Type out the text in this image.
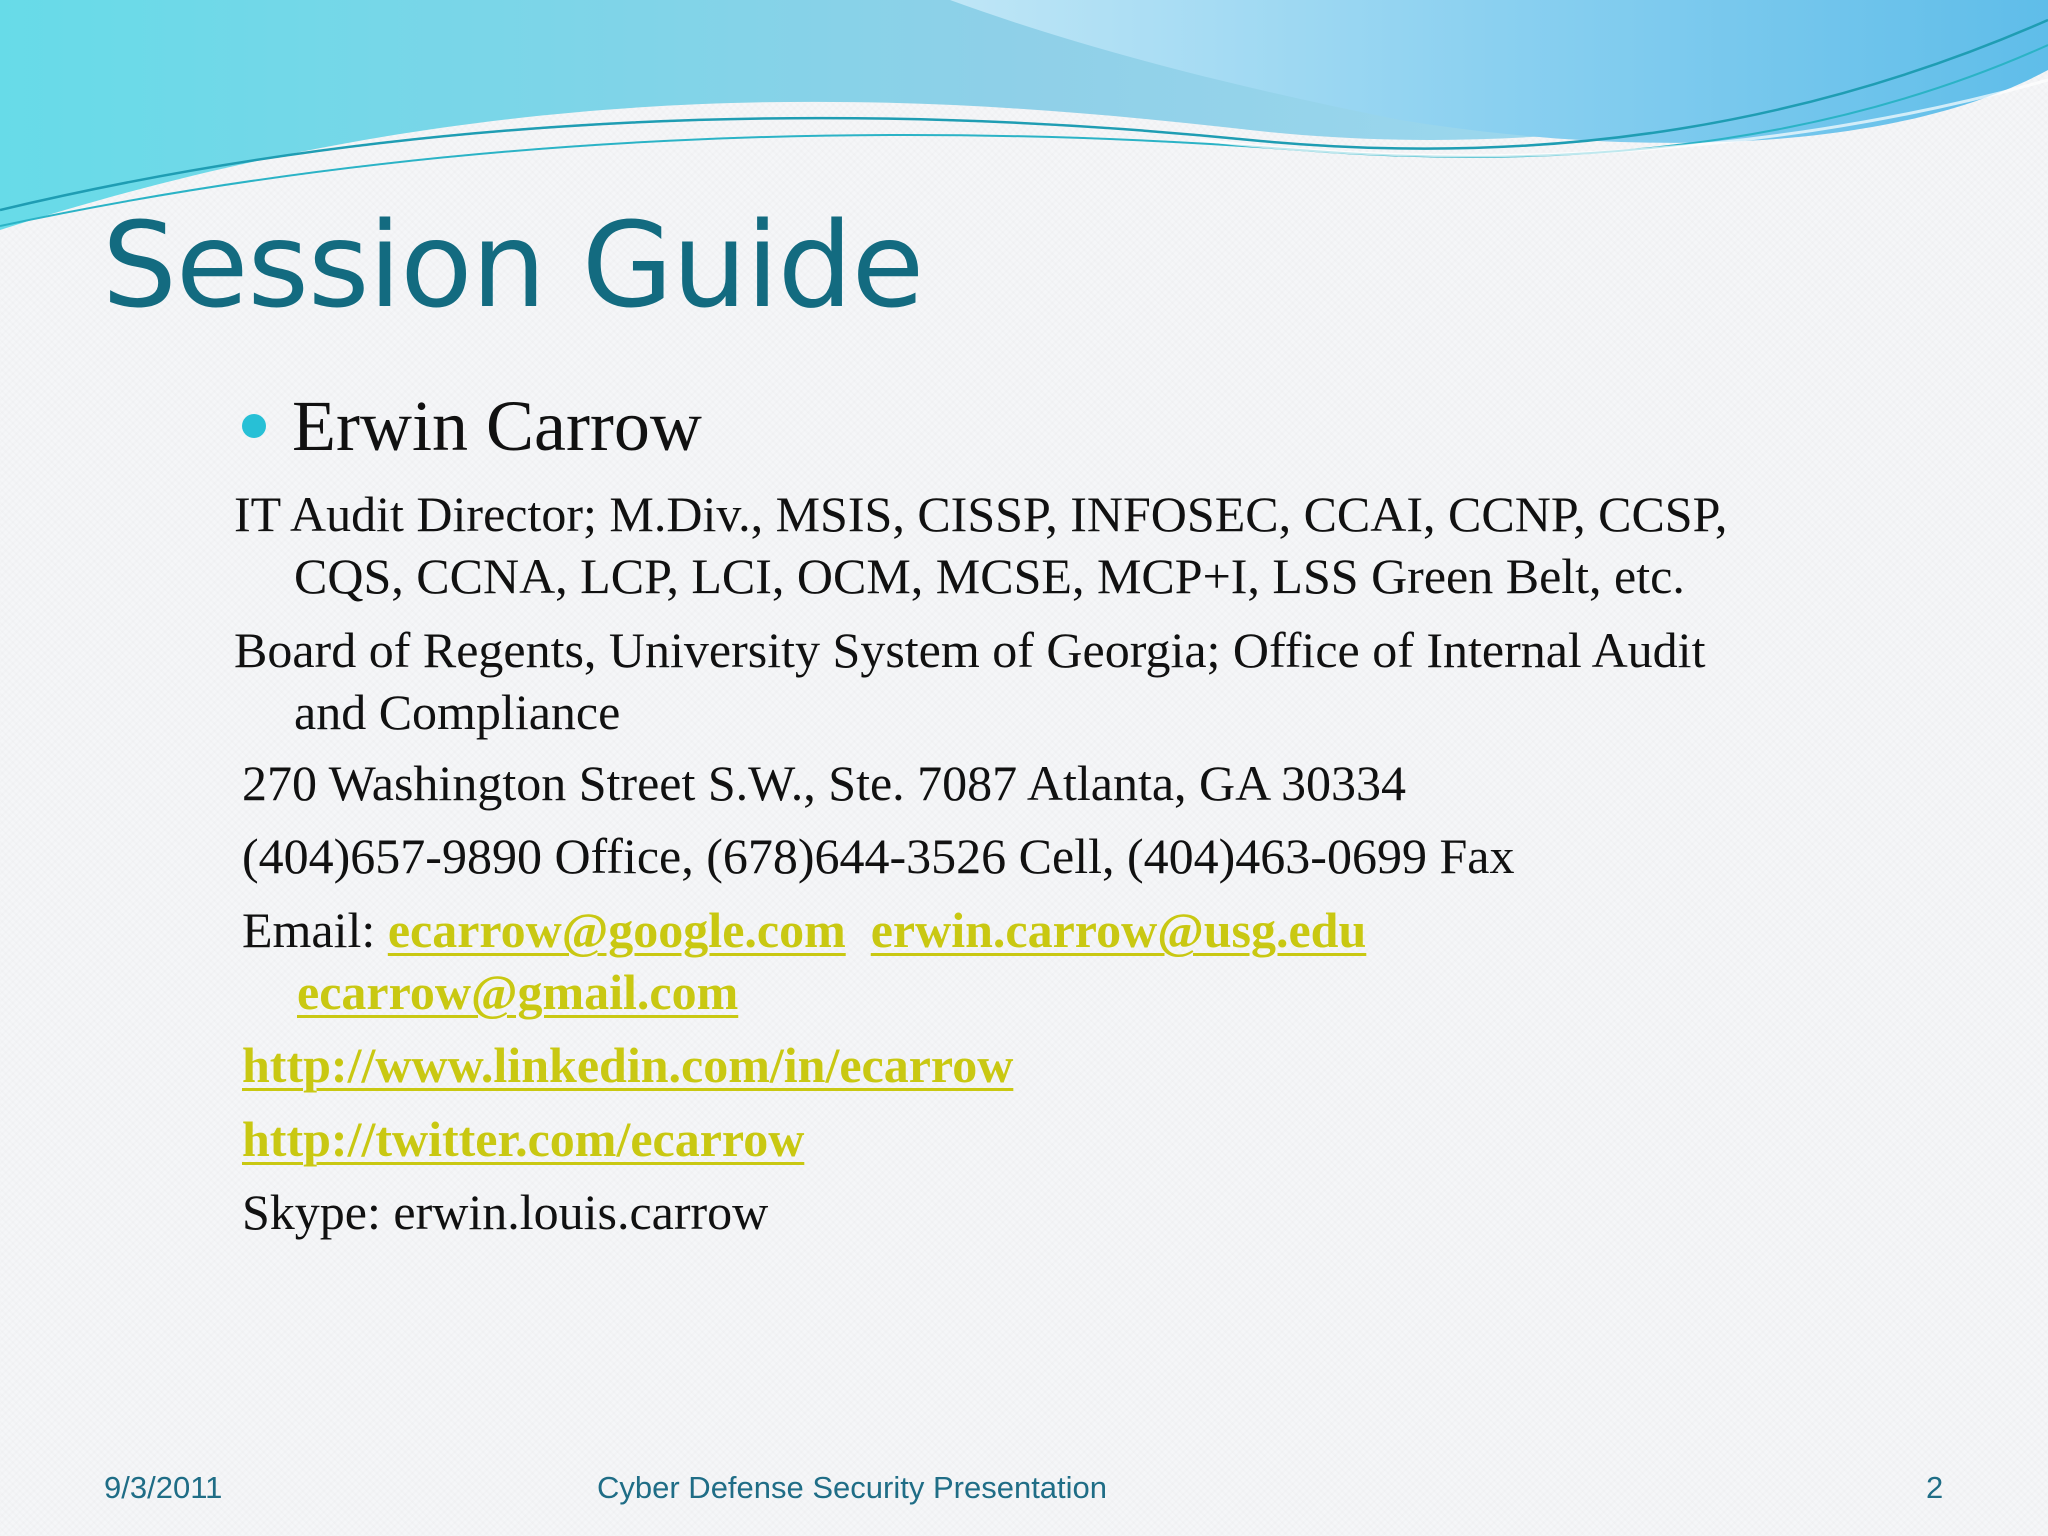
Session Guide
Erwin Carrow
IT Audit Director; M.Div., MSIS, CISSP, INFOSEC, CCAI, CCNP, CCSP,
CQS, CCNA, LCP, LCI, OCM, MCSE, MCP+I, LSS Green Belt, etc.
Board of Regents, University System of Georgia; Office of Internal Audit
and Compliance
270 Washington Street S.W., Ste. 7087 Atlanta, GA 30334
(404)657-9890 Office, (678)644-3526 Cell, (404)463-0699 Fax
Email: ecarrow@google.com erwin.carrow@usg.edu
ecarrow@gmail.com
http://www.linkedin.com/in/ecarrow
http://twitter.com/ecarrow
Skype: erwin.louis.carrow
9/3/2011	Cyber Defense Security Presentation	2
